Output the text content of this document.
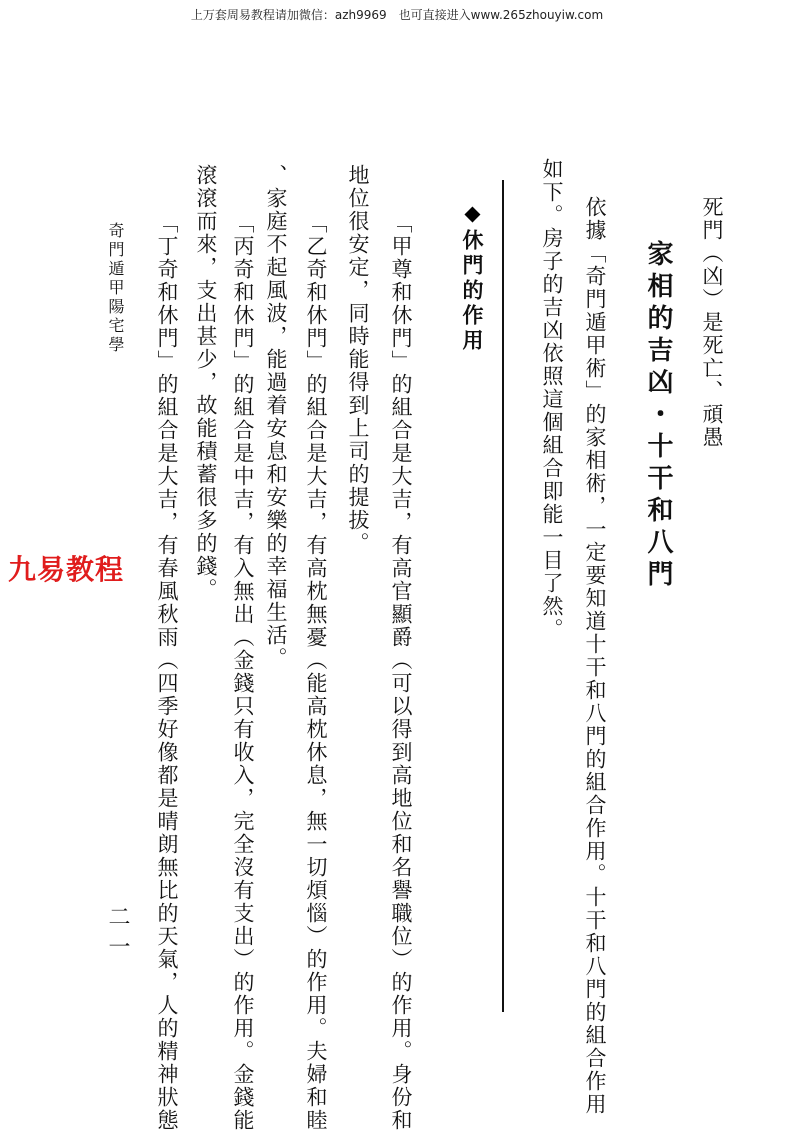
上万套周易教程请加微信：azh9969　也可直接进入www.265zhouyiw.com
死門（凶）是死亡、頑愚
家相的吉凶・十干和八門
依據「奇門遁甲術」的家相術，一定要知道十干和八門的組合作用。十干和八門的組合作用
如下。房子的吉凶依照這個組合即能一目了然。
◆休門的作用
「甲尊和休門」的組合是大吉，有高官顯爵（可以得到高地位和名譽職位）的作用。身份和
地位很安定，同時能得到上司的提拔。
「乙奇和休門」的組合是大吉，有高枕無憂（能高枕休息，無一切煩惱）的作用。夫婦和睦
、家庭不起風波，能過着安息和安樂的幸福生活。
「丙奇和休門」的組合是中吉，有入無出（金錢只有收入，完全沒有支出）的作用。金錢能
滾滾而來，支出甚少，故能積蓄很多的錢。
「丁奇和休門」的組合是大吉，有春風秋雨（四季好像都是晴朗無比的天氣，人的精神狀態
九易教程
奇門遁甲陽宅學
二一
